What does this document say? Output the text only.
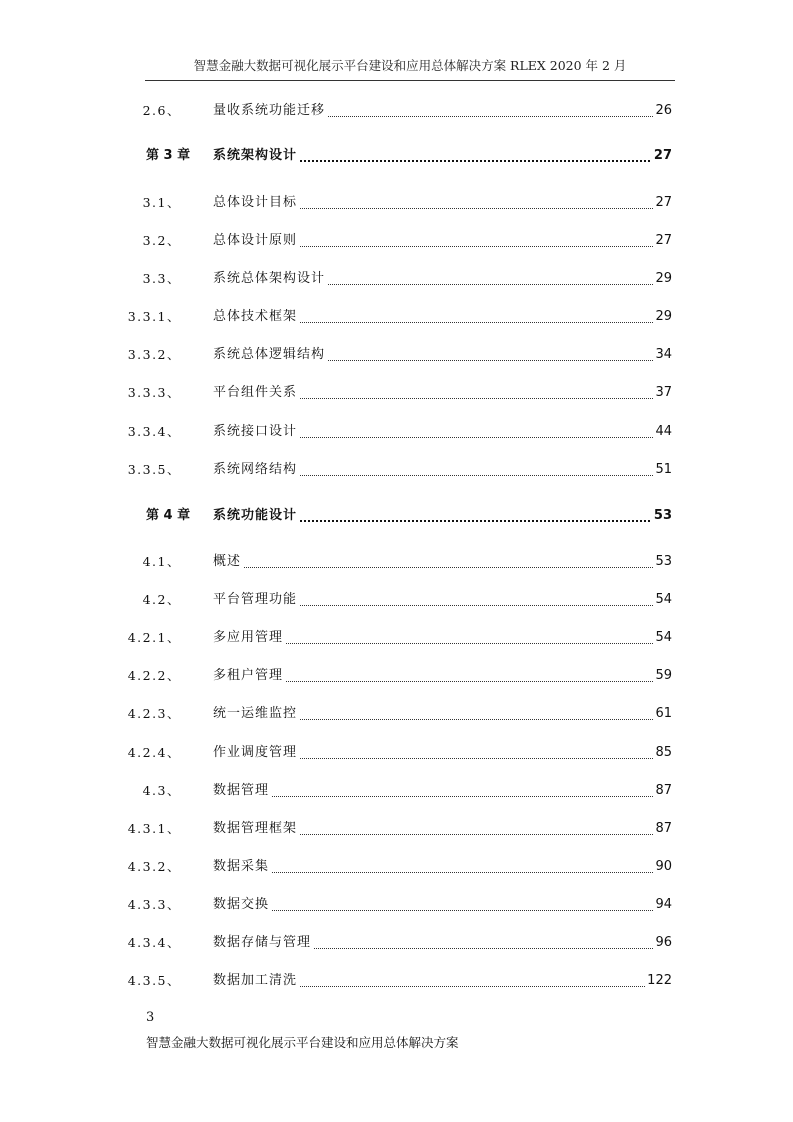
智慧金融大数据可视化展示平台建设和应用总体解决方案 RLEX 2020 年 2 月
2.6、 量收系统功能迁移	26
第 3 章 系统架构设计	27
3.1、 总体设计目标	27
3.2、 总体设计原则	27
3.3、 系统总体架构设计	29
3.3.1、 总体技术框架	29
3.3.2、 系统总体逻辑结构	34
3.3.3、 平台组件关系	37
3.3.4、 系统接口设计	44
3.3.5、 系统网络结构	51
第 4 章 系统功能设计	53
4.1、 概述	53
4.2、 平台管理功能	54
4.2.1、 多应用管理	54
4.2.2、 多租户管理	59
4.2.3、 统一运维监控	61
4.2.4、 作业调度管理	85
4.3、 数据管理	87
4.3.1、 数据管理框架	87
4.3.2、 数据采集	90
4.3.3、 数据交换	94
4.3.4、 数据存储与管理	96
4.3.5、 数据加工清洗	122
3
智慧金融大数据可视化展示平台建设和应用总体解决方案
